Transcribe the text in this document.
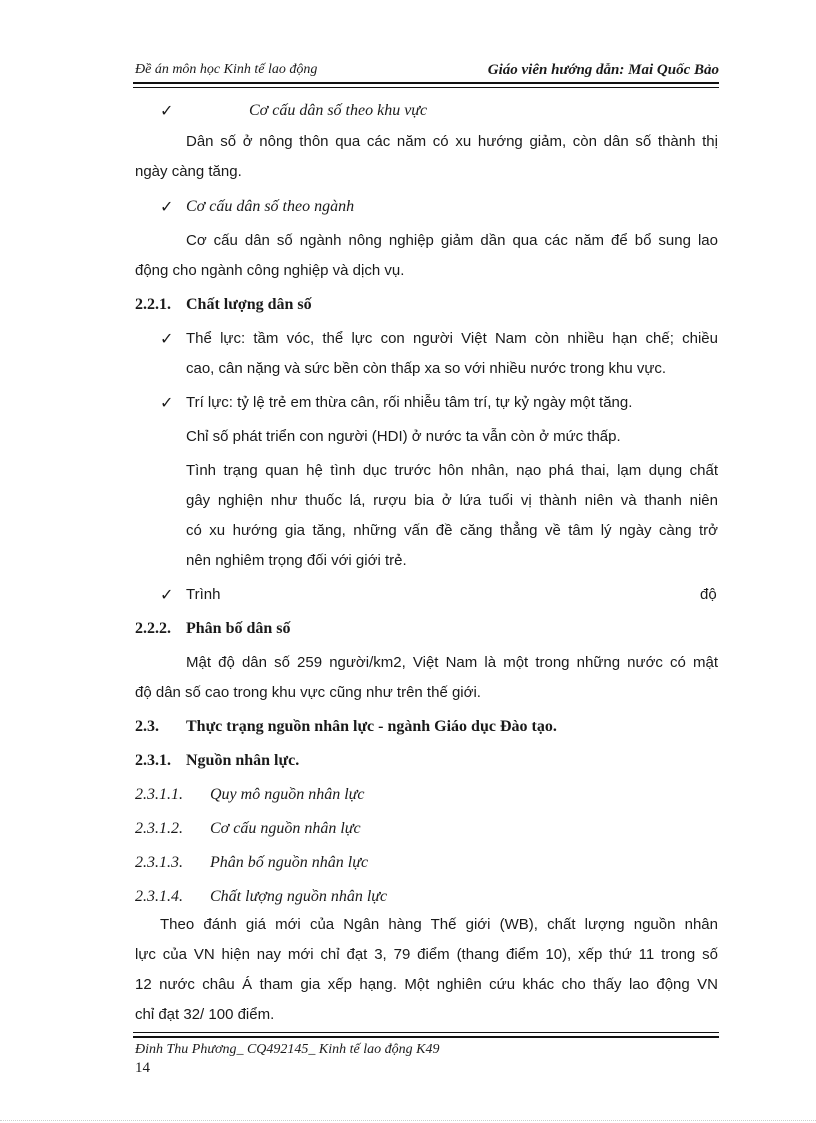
Đề án môn học Kinh tế lao động	Giáo viên hướng dẫn: Mai Quốc Bảo
✓	Cơ cấu dân số theo khu vực
Dân số ở nông thôn qua các năm có xu hướng giảm, còn dân số thành thị
ngày càng tăng.
✓ Cơ cấu dân số theo ngành
Cơ cấu dân số ngành nông nghiệp giảm dần qua các năm để bổ sung lao
động cho ngành công nghiệp và dịch vụ.
2.2.1. Chất lượng dân số
✓ Thể lực: tầm vóc, thể lực con người Việt Nam còn nhiều hạn chế; chiều
cao, cân nặng và sức bền còn thấp xa so với nhiều nước trong khu vực.
✓ Trí lực: tỷ lệ trẻ em thừa cân, rối nhiễu tâm trí, tự kỷ ngày một tăng.
Chỉ số phát triển con người (HDI) ở nước ta vẫn còn ở mức thấp.
Tình trạng quan hệ tình dục trước hôn nhân, nạo phá thai, lạm dụng chất
gây nghiện như thuốc lá, rượu bia ở lứa tuổi vị thành niên và thanh niên
có xu hướng gia tăng, những vấn đề căng thẳng về tâm lý ngày càng trở
nên nghiêm trọng đối với giới trẻ.
✓ Trình	độ
2.2.2. Phân bố dân số
Mật độ dân số 259 người/km2, Việt Nam là một trong những nước có mật
độ dân số cao trong khu vực cũng như trên thế giới.
2.3. Thực trạng nguồn nhân lực - ngành Giáo dục Đào tạo.
2.3.1. Nguồn nhân lực.
2.3.1.1. Quy mô nguồn nhân lực
2.3.1.2. Cơ cấu nguồn nhân lực
2.3.1.3. Phân bố nguồn nhân lực
2.3.1.4. Chất lượng nguồn nhân lực
Theo đánh giá mới của Ngân hàng Thế giới (WB), chất lượng nguồn nhân
lực của VN hiện nay mới chỉ đạt 3, 79 điểm (thang điểm 10), xếp thứ 11 trong số
12 nước châu Á tham gia xếp hạng. Một nghiên cứu khác cho thấy lao động VN
chỉ đạt 32/ 100 điểm.
Đinh Thu Phương_ CQ492145_ Kinh tế lao động K49
14
